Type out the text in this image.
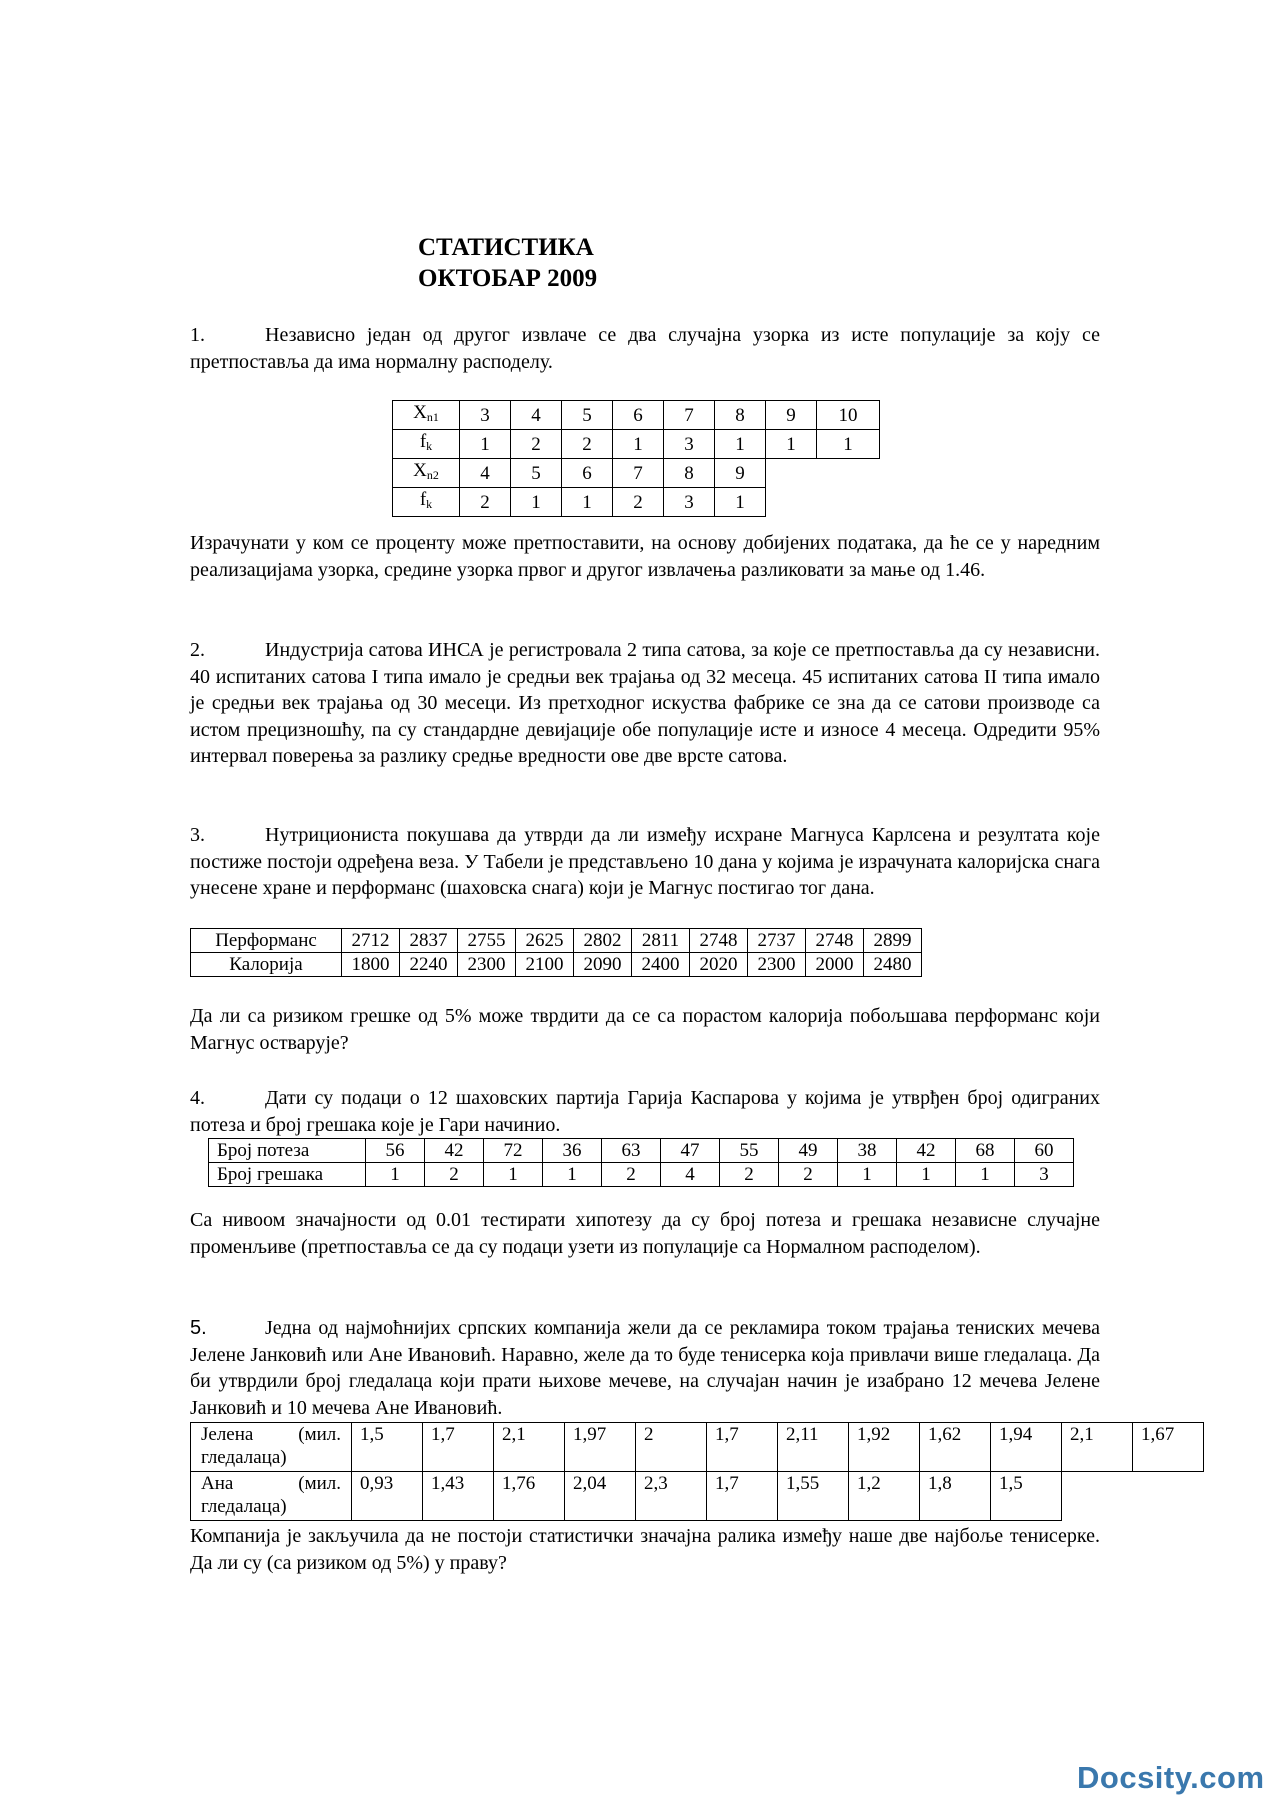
СТАТИСТИКА
ОКТОБАР 2009
1.	Независно један од другог извлаче се два случајна узорка из исте популације за коју се претпоставља да има нормалну расподелу.
$X_{n1}$	3	4	5	6	7	8	9	10
$f_k$	1	2	2	1	3	1	1	1
$X_{n2}$	4	5	6	7	8	9		
$f_k$	2	1	1	2	3	1		
Израчунати у ком се проценту може претпоставити, на основу добијених података, да ће се у наредним реализацијама узорка, средине узорка првог и другог извлачења разликовати за мање од 1.46.
2.	Индустрија сатова ИНСА је регистровала 2 типа сатова, за које се претпоставља да су независни. 40 испитаних сатова I типа имало је средњи век трајања од 32 месеца. 45 испитаних сатова II типа имало је средњи век трајања од 30 месеци. Из претходног искуства фабрике се зна да се сатови производе са истом прецизношћу, па су стандардне девијације обе популације исте и износе 4 месеца. Одредити 95% интервал поверења за разлику средње вредности ове две врсте сатова.
3.	Нутрициониста покушава да утврди да ли између исхране Магнуса Карлсена и резултата које постиже постоји одређена веза. У Табели је представљено 10 дана у којима је израчуната калоријска снага унесене хране и перформанс (шаховска снага) који је Магнус постигао тог дана.
Перформанс	2712	2837	2755	2625	2802	2811	2748	2737	2748	2899
Калорија	1800	2240	2300	2100	2090	2400	2020	2300	2000	2480
Да ли са ризиком грешке од 5% може тврдити да се са порастом калорија побољшава перформанс који Магнус остварује?
4.	Дати су подаци о 12 шаховских партија Гарија Каспарова у којима је утврђен број одиграних потеза и број грешака које је Гари начинио.
Број потеза	56	42	72	36	63	47	55	49	38	42	68	60
Број грешака	1	2	1	1	2	4	2	2	1	1	1	3
Са нивоом значајности од 0.01 тестирати хипотезу да су број потеза и грешака независне случајне променљиве (претпоставља се да су подаци узети из популације са Нормалном расподелом).
5.	Једна од најмоћнијих српских компанија жели да се рекламира током трајања тениских мечева Јелене Јанковић или Ане Ивановић. Наравно, желе да то буде тенисерка која привлачи више гледалаца. Да би утврдили број гледалаца који прати њихове мечеве, на случајан начин је изабрано 12 мечева Јелене Јанковић и 10 мечева Ане Ивановић.
Јелена (мил.
гледалаца)	1,5	1,7	2,1	1,97	2	1,7	2,11	1,92	1,62	1,94	2,1	1,67

Ана (мил.
гледалаца)	0,93	1,43	1,76	2,04	2,3	1,7	1,55	1,2	1,8	1,5		
Компанија је закључила да не постоји статистички значајна ралика између наше две најбоље тенисерке. Да ли су (са ризиком од 5%) у праву?
Docsity.com
